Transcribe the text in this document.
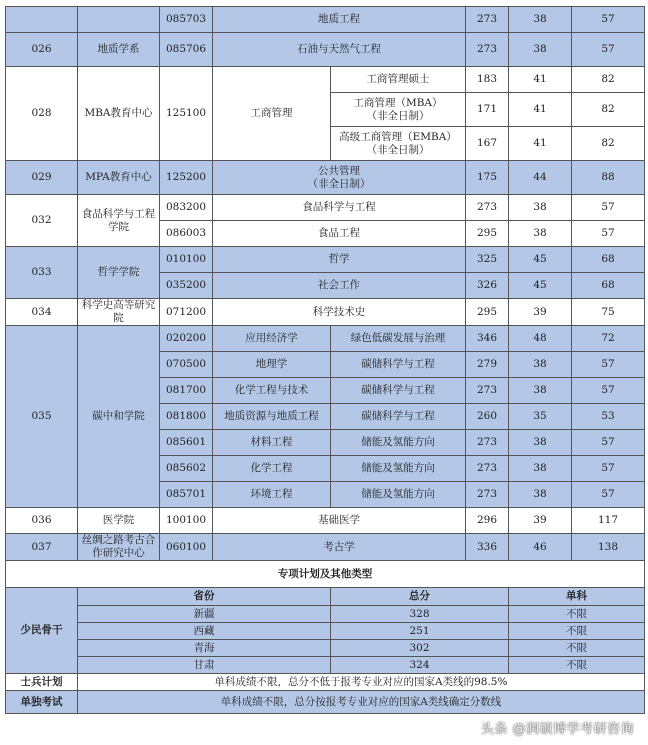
		085703	地质工程		273	38	57
026	地质学系	085706	石油与天然气工程		273	38	57
028	MBA教育中心	125100	工商管理	工商管理硕士	183	41	82

				工商管理（MBA）
（非全日制）	171	41	82

				高级工商管理（EMBA）
（非全日制）	167	41	82
029	MPA教育中心	125200	公共管理
（非全日制）		175	44	88
032	食品科学与工程学院	083200	食品科学与工程		273	38	57
		086003	食品工程		295	38	57
033	哲学学院	010100	哲学		325	45	68
		035200	社会工作		326	45	68
034	科学史高等研究院	071200	科学技术史		295	39	75
035	碳中和学院	020200	应用经济学	绿色低碳发展与治理	346	48	72
		070500	地理学	碳储科学与工程	279	38	57
		081700	化学工程与技术	碳储科学与工程	273	38	57
		081800	地质资源与地质工程	碳储科学与工程	260	35	53
		085601	材料工程	储能及氢能方向	273	38	57
		085602	化学工程	储能及氢能方向	273	38	57
		085701	环境工程	储能及氢能方向	273	38	57
036	医学院	100100	基础医学		296	39	117
037	丝绸之路考古合作研究中心	060100	考古学		336	46	138
专项计划及其他类型							
少民骨干	省份			总分		单科	
	新疆			328		不限	
	西藏			251		不限	
	青海			302		不限	
	甘肃			324		不限	
士兵计划	单科成绩不限，总分不低于报考专业对应的国家A类线的98.5%						
单独考试	单科成绩不限，总分按报考专业对应的国家A类线确定分数线						
头条 @润硕博学考研咨询
